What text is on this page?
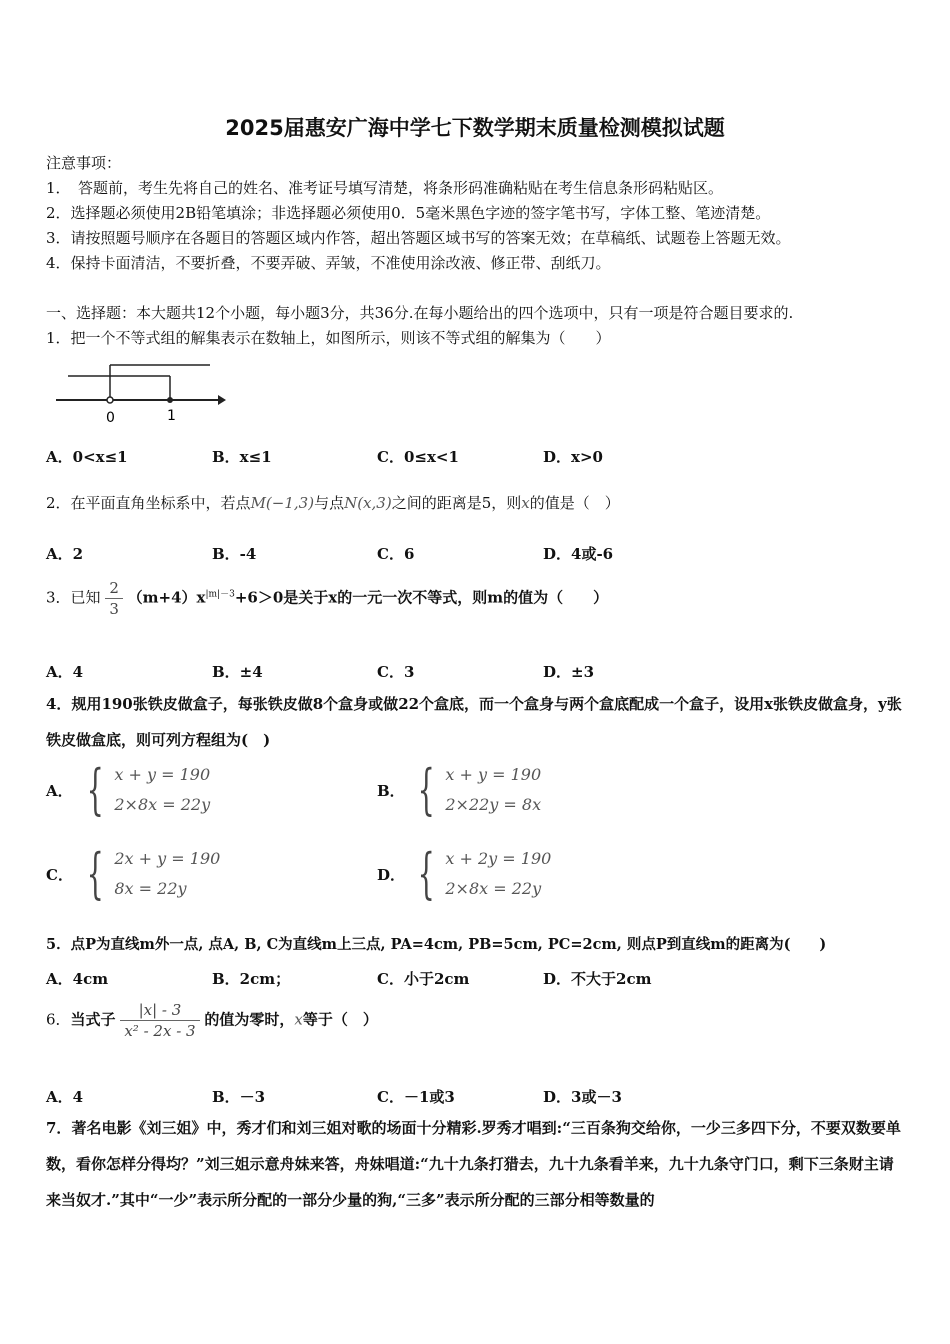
2025届惠安广海中学七下数学期末质量检测模拟试题
注意事项：
1．　答题前，考生先将自己的姓名、准考证号填写清楚，将条形码准确粘贴在考生信息条形码粘贴区。
2．选择题必须使用2B铅笔填涂；非选择题必须使用0．5毫米黑色字迹的签字笔书写，字体工整、笔迹清楚。
3．请按照题号顺序在各题目的答题区域内作答，超出答题区域书写的答案无效；在草稿纸、试题卷上答题无效。
4．保持卡面清洁，不要折叠，不要弄破、弄皱，不准使用涂改液、修正带、刮纸刀。
一、选择题：本大题共12个小题，每小题3分，共36分.在每小题给出的四个选项中，只有一项是符合题目要求的.
1．把一个不等式组的解集表示在数轴上，如图所示，则该不等式组的解集为（　　）
0	1
A．0<x≤1	B．x≤1	C．0≤x<1	D．x>0
2．在平面直角坐标系中，若点M(−1,3)与点N(x,3)之间的距离是5，则x的值是（　）
A．2	B．-4	C．6	D．4或-6
3．已知 $\frac{2}{3} (m+4)x^{|m|-3}+6>0$是关于x的一元一次不等式，则m的值为（　　）
A．4	B．±4	C．3	D．±3
4．规用190张铁皮做盒子，每张铁皮做8个盒身或做22个盒底，而一个盒身与两个盒底配成一个盒子，设用x张铁皮做盒身，y张铁皮做盒底，则可列方程组为(　)
A． { x + y = 190
2×8x = 22y
B． { x + y = 190
2×22y = 8x
C． { 2x + y = 190
8x = 22y
D． { x + 2y = 190
2×8x = 22y
5．点P为直线m外一点, 点A, B, C为直线m上三点, PA=4cm, PB=5cm, PC=2cm, 则点P到直线m的距离为(　　)
A．4cm	B．2cm；	C．小于2cm	D．不大于2cm
6．当式子 $\frac{|x| - 3}{\text{x² - 2x - 3}}$ 的值为零时，x等于（　）
A．4	B．－3	C．－1或3	D．3或－3
7．著名电影《刘三姐》中，秀才们和刘三姐对歌的场面十分精彩.罗秀才唱到:“三百条狗交给你，一少三多四下分，不要双数要单数，看你怎样分得均？”刘三姐示意舟妹来答，舟妹唱道:“九十九条打猎去，九十九条看羊来，九十九条守门口，剩下三条财主请来当奴才.”其中“一少”表示所分配的一部分少量的狗,“三多”表示所分配的三部分相等数量的
